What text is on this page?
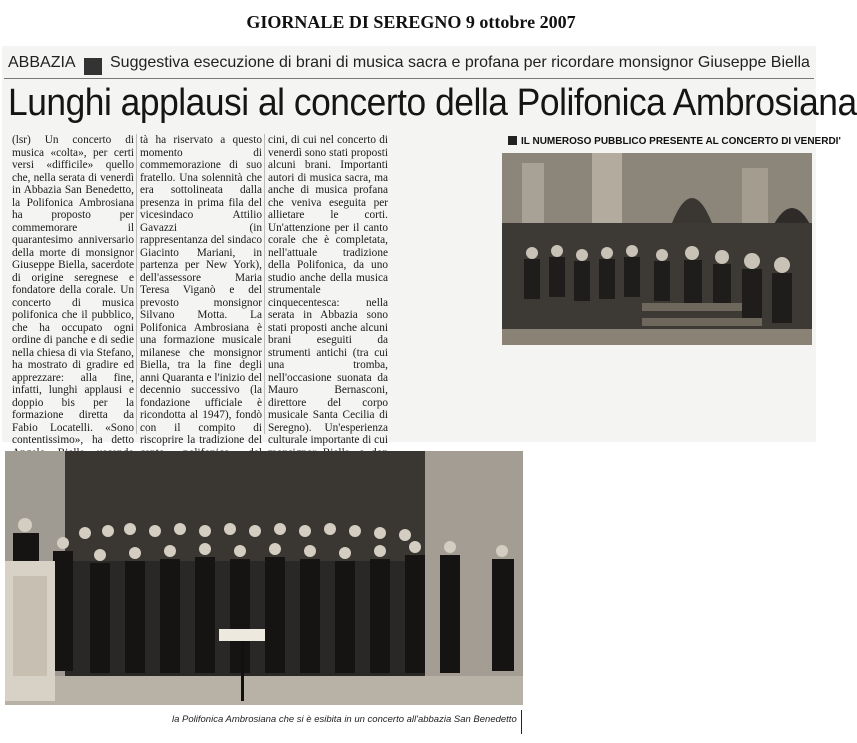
GIORNALE DI SEREGNO 9 ottobre 2007
ABBAZIA Suggestiva esecuzione di brani di musica sacra e profana per ricordare monsignor Giuseppe Biella
Lunghi applausi al concerto della Polifonica Ambrosiana

(lsr) Un concerto di musica «colta», per certi versi «difficile» quello che, nella serata di venerdì in Abbazia San Benedetto, la Polifonica Ambrosiana ha proposto per commemorare il quarantesimo anniversario della morte di monsignor Giuseppe Biella, sacerdote di origine seregnese e fondatore della corale. Un concerto di musica polifonica che il pubblico, che ha occupato ogni ordine di panche e di sedie nella chiesa di via Stefano, ha mostrato di gradire ed apprezzare: alla fine, infatti, lunghi applausi e doppio bis per la formazione diretta da Fabio Locatelli. «Sono contentissimo», ha detto

tà ha riservato a questo momento di commemorazione di suo fratello. Una solennità che era sottolineata dalla presenza in prima fila del vicesindaco Attilio Gavazzi (in rappresentanza del sindaco Giacinto Mariani, in partenza per New York), dell'assessore Maria Teresa Viganò e del prevosto monsignor Silvano Motta. La Polifonica Ambrosiana è una formazione musicale milanese che monsignor Biella, tra la fine degli anni Quaranta e l'inizio del decennio successivo (la fondazione ufficiale è ricondotta al 1947), fondò con il compito di riscoprire la tradizione del

cini, di cui nel concerto di venerdì sono stati proposti alcuni brani. Importanti autori di musica sacra, ma anche di musica profana che veniva eseguita per allietare le corti. Un'attenzione per il canto corale che è completata, nell'attuale tradizione della Polifonica, da uno studio anche della musica strumentale cinquecentesca: nella serata in Abbazia sono stati proposti anche alcuni brani eseguiti da strumenti antichi (tra cui una tromba, nell'occasione suonata da Mauro Bernasconi, direttore del corpo musicale Santa Cecilia di Seregno). Un'esperienza culturale importante di cui

IL NUMEROSO PUBBLICO PRESENTE AL CONCERTO DI VENERDI'
la Polifonica Ambrosiana che si è esibita in un concerto all'abbazia San Benedetto
